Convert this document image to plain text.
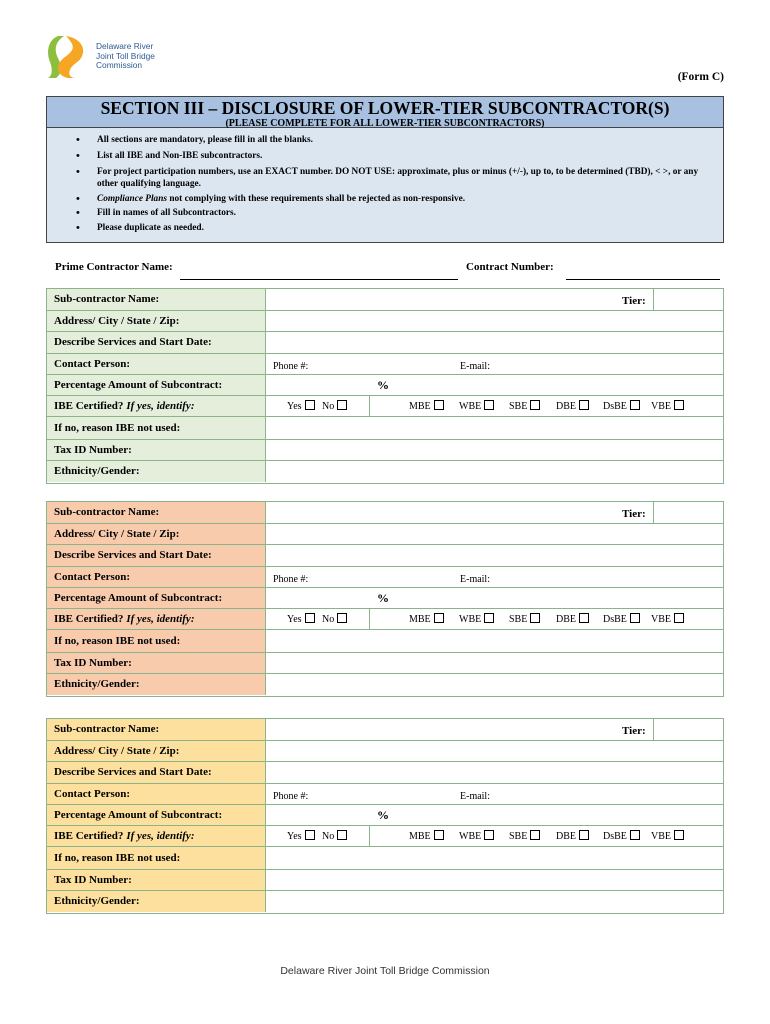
Delaware River
Joint Toll Bridge
Commission
(Form C)
SECTION III – DISCLOSURE OF LOWER-TIER SUBCONTRACTOR(S)
(PLEASE COMPLETE FOR ALL LOWER-TIER SUBCONTRACTORS)
• All sections are mandatory, please fill in all the blanks.
• List all IBE and Non-IBE subcontractors.
• For project participation numbers, use an EXACT number. DO NOT USE: approximate, plus or minus (+/-), up to, to be determined (TBD), < >, or any other qualifying language.
• Compliance Plans not complying with these requirements shall be rejected as non-responsive.
• Fill in names of all Subcontractors.
• Please duplicate as needed.
Prime Contractor Name:	Contract Number:
Sub-contractor Name:	Tier:
Address/ City / State / Zip:
Describe Services and Start Date:
Contact Person:	Phone #:	E-mail:
Percentage Amount of Subcontract:	%
IBE Certified? If yes, identify:	Yes	No	MBE	WBE	SBE	DBE	DsBE	VBE
If no, reason IBE not used:
Tax ID Number:
Ethnicity/Gender:
Sub-contractor Name:	Tier:
Address/ City / State / Zip:
Describe Services and Start Date:
Contact Person:	Phone #:	E-mail:
Percentage Amount of Subcontract:	%
IBE Certified? If yes, identify:	Yes	No	MBE	WBE	SBE	DBE	DsBE	VBE
If no, reason IBE not used:
Tax ID Number:
Ethnicity/Gender:
Sub-contractor Name:	Tier:
Address/ City / State / Zip:
Describe Services and Start Date:
Contact Person:	Phone #:	E-mail:
Percentage Amount of Subcontract:	%
IBE Certified? If yes, identify:	Yes	No	MBE	WBE	SBE	DBE	DsBE	VBE
If no, reason IBE not used:
Tax ID Number:
Ethnicity/Gender:
Delaware River Joint Toll Bridge Commission
